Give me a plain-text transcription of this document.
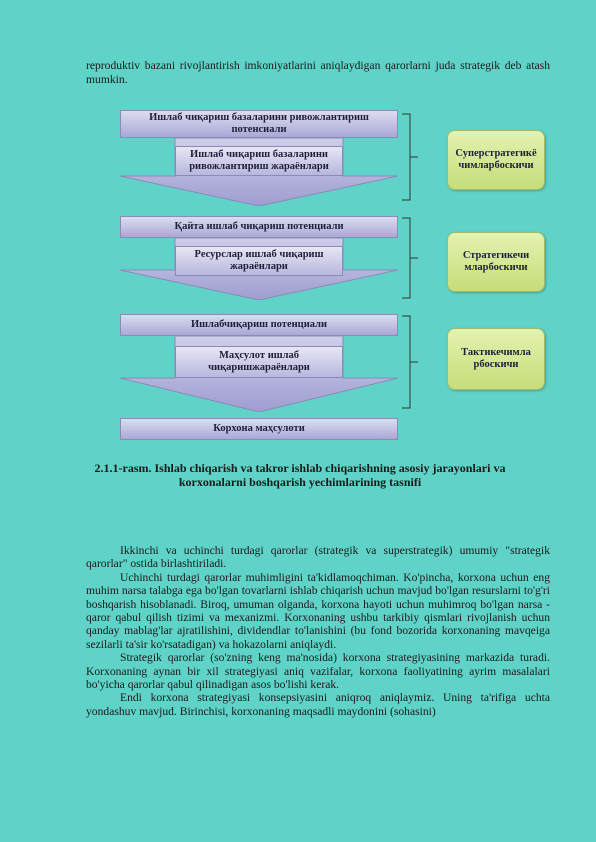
​

reproduktiv bazani rivojlantirish imkoniyatlarini aniqlaydigan qarorlarni juda strategik deb atash mumkin.

Ишлаб чиқариш базаларини ривожлантириш потенсиали
Ишлаб чиқариш базаларини ривожлантириш жараёнлари
Қайта ишлаб чиқариш потенциали
Ресурслар ишлаб чиқариш жараёнлари
Ишлабчиқариш потенциали
Маҳсулот ишлаб чиқаришжараёнлари
Корхона маҳсулоти
Суперстратегикё чимларбоскичи
Стратегикечи мларбоскичи
Тактикечимла рбоскичи
2.1.1-rasm. Ishlab chiqarish va takror ishlab chiqarishning asosiy jarayonlari va
korxonalarni boshqarish yechimlarining tasnifi

Ikkinchi va uchinchi turdagi qarorlar (strategik va superstrategik) umumiy "strategik qarorlar" ostida birlashtiriladi.

Uchinchi turdagi qarorlar muhimligini ta'kidlamoqchiman. Ko'pincha, korxona uchun eng muhim narsa talabga ega bo'lgan tovarlarni ishlab chiqarish uchun mavjud bo'lgan resurslarni to'g'ri boshqarish hisoblanadi. Biroq, umuman olganda, korxona hayoti uchun muhimroq bo'lgan narsa - qaror qabul qilish tizimi va mexanizmi. Korxonaning ushbu tarkibiy qismlari rivojlanish uchun qanday mablag'lar ajratilishini, dividendlar to'lanishini (bu fond bozorida korxonaning mavqeiga sezilarli ta'sir ko'rsatadigan) va hokazolarni aniqlaydi.

Strategik qarorlar (so'zning keng ma'nosida) korxona strategiyasining markazida turadi. Korxonaning aynan bir xil strategiyasi aniq vazifalar, korxona faoliyatining ayrim masalalari bo'yicha qarorlar qabul qilinadigan asos bo'lishi kerak.

Endi korxona strategiyasi konsepsiyasini aniqroq aniqlaymiz. Uning ta'rifiga uchta yondashuv mavjud. Birinchisi, korxonaning maqsadli maydonini (sohasini)
